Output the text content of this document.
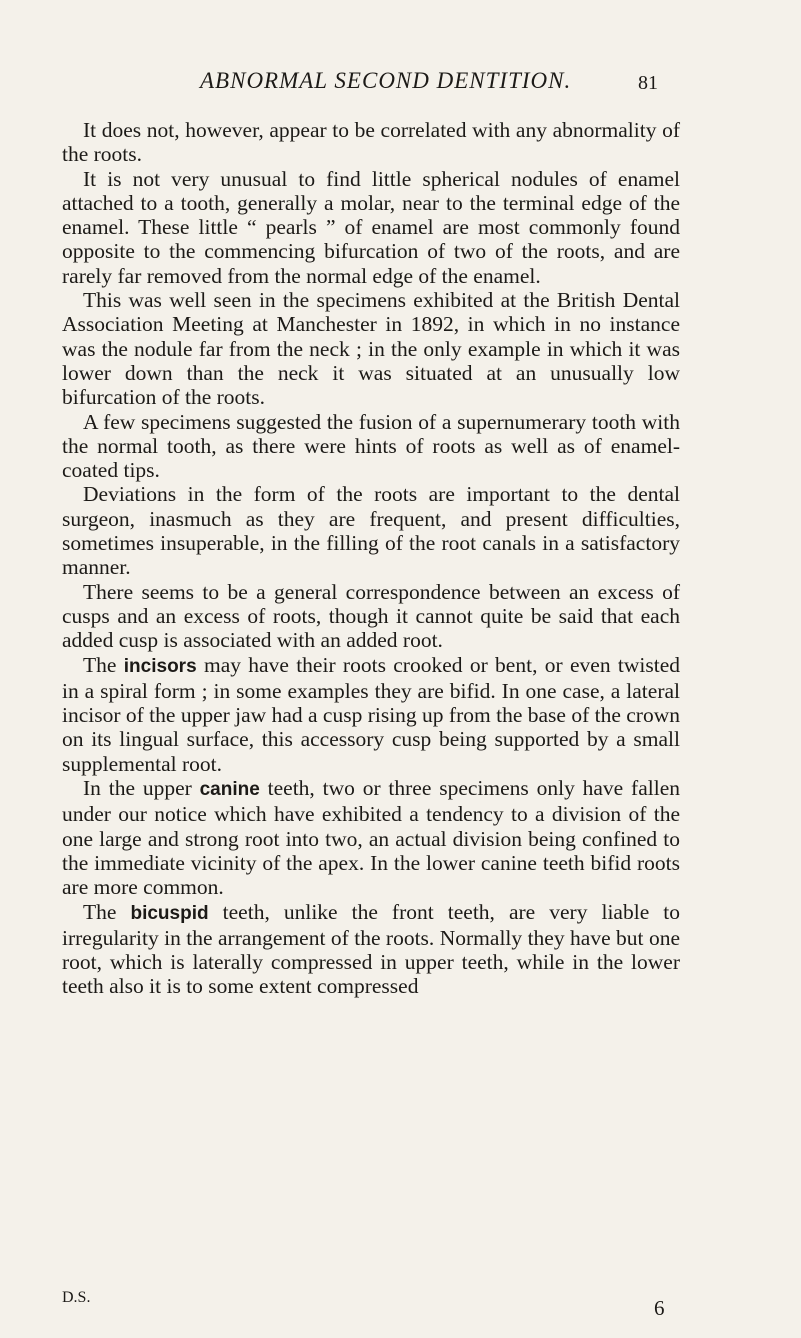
ABNORMAL SECOND DENTITION.	81

It does not, however, appear to be correlated with any abnormality of the roots.

It is not very unusual to find little spherical nodules of enamel attached to a tooth, generally a molar, near to the terminal edge of the enamel. These little “ pearls ” of enamel are most commonly found opposite to the commencing bifurcation of two of the roots, and are rarely far removed from the normal edge of the enamel.

This was well seen in the specimens exhibited at the British Dental Association Meeting at Manchester in 1892, in which in no instance was the nodule far from the neck ; in the only example in which it was lower down than the neck it was situated at an unusually low bifurcation of the roots.

A few specimens suggested the fusion of a supernumerary tooth with the normal tooth, as there were hints of roots as well as of enamel-coated tips.

Deviations in the form of the roots are important to the dental surgeon, inasmuch as they are frequent, and present difficulties, sometimes insuperable, in the filling of the root canals in a satisfactory manner.

There seems to be a general correspondence between an excess of cusps and an excess of roots, though it cannot quite be said that each added cusp is associated with an added root.

The incisors may have their roots crooked or bent, or even twisted in a spiral form ; in some examples they are bifid. In one case, a lateral incisor of the upper jaw had a cusp rising up from the base of the crown on its lingual surface, this accessory cusp being supported by a small supplemental root.

In the upper canine teeth, two or three specimens only have fallen under our notice which have exhibited a tendency to a division of the one large and strong root into two, an actual division being confined to the immediate vicinity of the apex. In the lower canine teeth bifid roots are more common.

The bicuspid teeth, unlike the front teeth, are very liable to irregularity in the arrangement of the roots. Normally they have but one root, which is laterally compressed in upper teeth, while in the lower teeth also it is to some extent compressed

D.S.	6
